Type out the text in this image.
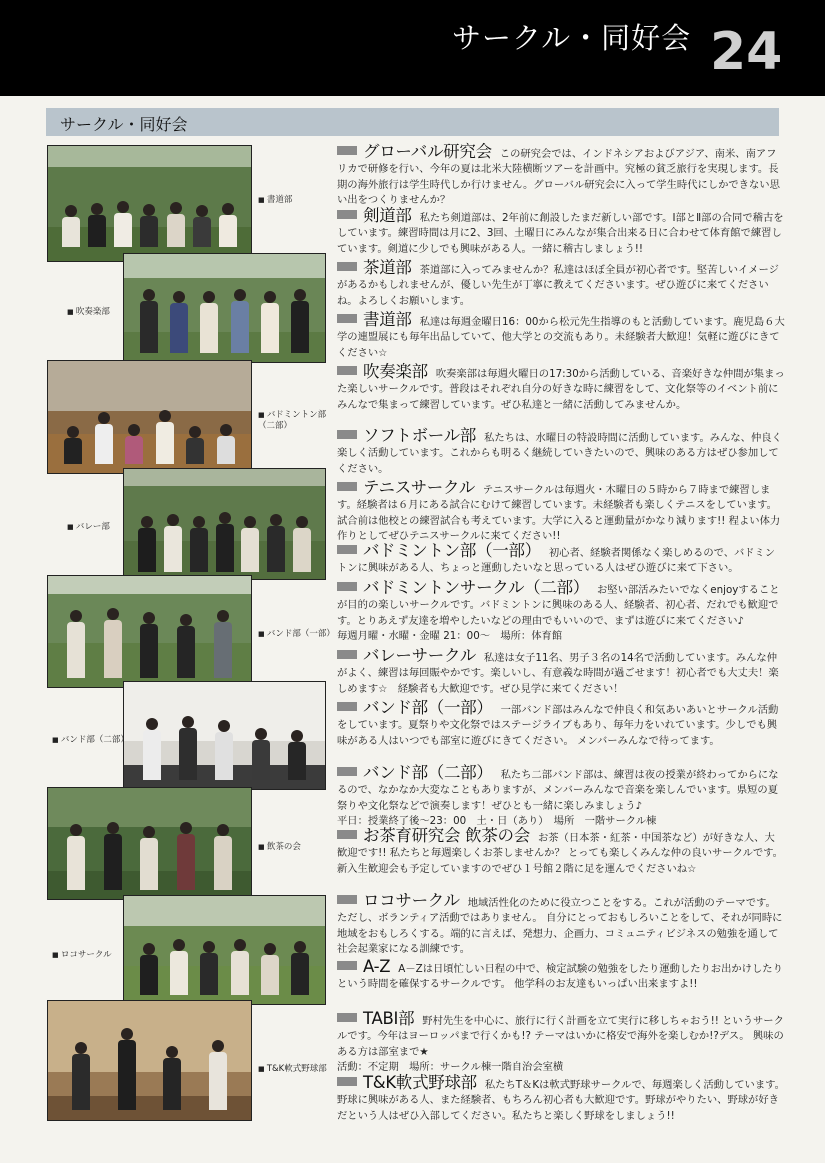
サークル・同好会 24
サークル・同好会
■ 書道部
■ 吹奏楽部
■ バドミントン部
（二部）
■ バレー部
■ バンド部（一部）
■ バンド部（二部）
■ 飲茶の会
■ ロコサークル
■ T&K軟式野球部
グローバル研究会 この研究会では、インドネシアおよびアジア、南米、南アフリカで研修を行い、今年の夏は北米大陸横断ツアーを計画中。究極の貧乏旅行を実現します。長期の海外旅行は学生時代しか行けません。グローバル研究会に入って学生時代にしかできない思い出をつくりませんか？
剣道部 私たち剣道部は、2年前に創設したまだ新しい部です。Ⅰ部とⅡ部の合同で稽古をしています。練習時間は月に2、3回、土曜日にみんなが集合出来る日に合わせて体育館で練習しています。剣道に少しでも興味がある人。一緒に稽古しましょう!!
茶道部 茶道部に入ってみませんか？私達はほぼ全員が初心者です。堅苦しいイメージがあるかもしれませんが、優しい先生が丁寧に教えてくださいます。ぜひ遊びに来てくださいね。よろしくお願いします。
書道部 私達は毎週金曜日16：00から松元先生指導のもと活動しています。鹿児島６大学の連盟展にも毎年出品していて、他大学との交流もあり。未経験者大歓迎！気軽に遊びにきてください☆
吹奏楽部 吹奏楽部は毎週火曜日の17:30から活動している、音楽好きな仲間が集まった楽しいサークルです。普段はそれぞれ自分の好きな時に練習をして、文化祭等のイベント前にみんなで集まって練習しています。ぜひ私達と一緒に活動してみませんか。
ソフトボール部 私たちは、水曜日の特設時間に活動しています。みんな、仲良く楽しく活動しています。これからも明るく継続していきたいので、興味のある方はぜひ参加してください。
テニスサークル テニスサークルは毎週火・木曜日の５時から７時まで練習します。経験者は６月にある試合にむけて練習しています。未経験者も楽しくテニスをしています。試合前は他校との練習試合も考えています。大学に入ると運動量がかなり減ります!! 程よい体力作りとしてぜひテニスサークルに来てください!!
バドミントン部（一部） 初心者、経験者関係なく楽しめるので、バドミントンに興味がある人、ちょっと運動したいなと思っている人はぜひ遊びに来て下さい。
バドミントンサークル（二部） お堅い部活みたいでなくenjoyすることが目的の楽しいサークルです。バドミントンに興味のある人、経験者、初心者、だれでも歓迎です。とりあえず友達を増やしたいなどの理由でもいいので、まずは遊びに来てください♪
毎週月曜・水曜・金曜 21：00～　場所：体育館
バレーサークル 私達は女子11名、男子３名の14名で活動しています。みんな仲がよく、練習は毎回賑やかです。楽しいし、有意義な時間が過ごせます！初心者でも大丈夫！楽しめます☆　経験者も大歓迎です。ぜひ見学に来てください！
バンド部（一部） 一部バンド部はみんなで仲良く和気あいあいとサークル活動をしています。夏祭りや文化祭ではステージライブもあり、毎年力をいれています。少しでも興味がある人はいつでも部室に遊びにきてください。 メンバーみんなで待ってます。
バンド部（二部） 私たち二部バンド部は、練習は夜の授業が終わってからになるので、なかなか大変なこともありますが、メンバーみんなで音楽を楽しんでいます。県短の夏祭りや文化祭などで演奏します！ぜひとも一緒に楽しみましょう♪
平日：授業終了後～23：00　土・日（あり）　場所　一階サークル棟
お茶育研究会 飲茶の会 お茶（日本茶・紅茶・中国茶など）が好きな人、大歓迎です!! 私たちと毎週楽しくお茶しませんか？ とっても楽しくみんな仲の良いサークルです。新入生歓迎会も予定していますのでぜひ１号館２階に足を運んでくださいね☆
ロコサークル 地域活性化のために役立つことをする。これが活動のテーマです。ただし、ボランティア活動ではありません。 自分にとっておもしろいことをして、それが同時に地域をおもしろくする。端的に言えば、発想力、企画力、コミュニティビジネスの勉強を通して社会起業家になる訓練です。
A-Z A－Zは日頃忙しい日程の中で、検定試験の勉強をしたり運動したりお出かけしたりという時間を確保するサークルです。 他学科のお友達もいっぱい出来ますよ!!
TABI部 野村先生を中心に、旅行に行く計画を立て実行に移しちゃおう!! というサークルです。今年はヨーロッパまで行くかも!? テーマはいかに格安で海外を楽しむか!?デス。 興味のある方は部室まで★
活動：不定期　場所：サークル棟一階自治会室横
T&K軟式野球部 私たちT＆Kは軟式野球サークルで、毎週楽しく活動しています。 野球に興味がある人、また経験者、もちろん初心者も大歓迎です。野球がやりたい、野球が好きだという人はぜひ入部してください。私たちと楽しく野球をしましょう!!
